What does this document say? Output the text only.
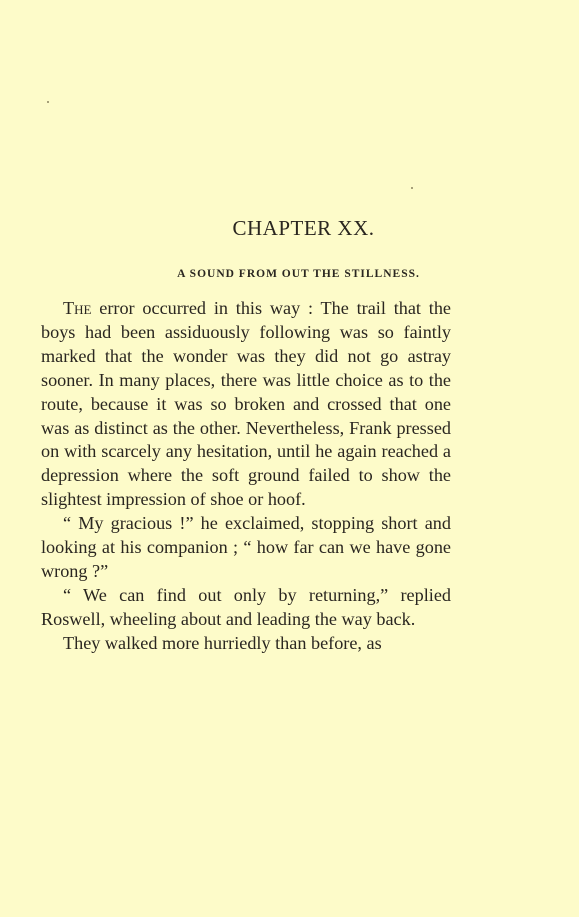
CHAPTER XX.
A SOUND FROM OUT THE STILLNESS.

The error occurred in this way : The trail that the boys had been assiduously following was so faintly marked that the wonder was they did not go astray sooner. In many places, there was little choice as to the route, because it was so broken and crossed that one was as distinct as the other. Nevertheless, Frank pressed on with scarcely any hesitation, until he again reached a depression where the soft ground failed to show the slightest impression of shoe or hoof.

“ My gracious !” he exclaimed, stopping short and looking at his companion ; “ how far can we have gone wrong ?”

“ We can find out only by returning,” replied Roswell, wheeling about and leading the way back.

They walked more hurriedly than before, as
